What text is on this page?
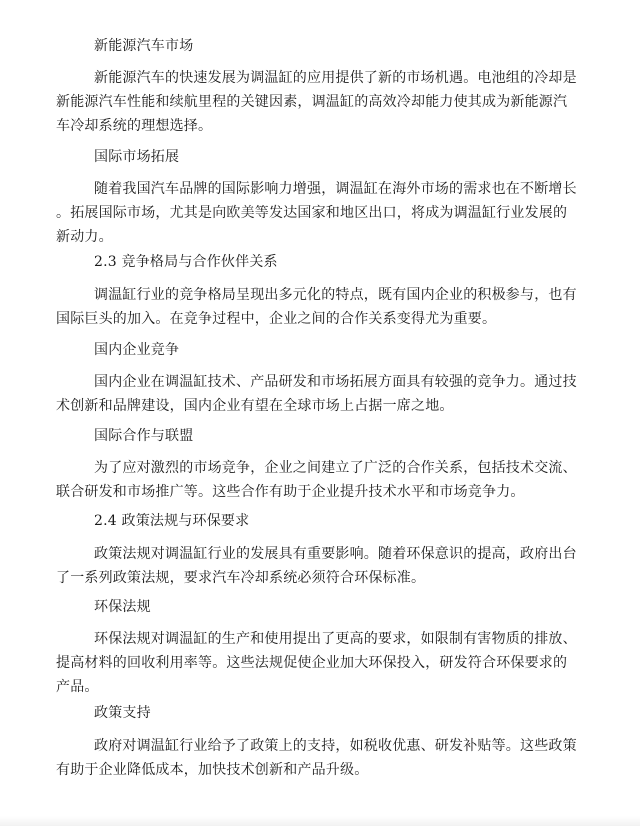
新能源汽车市场
新能源汽车的快速发展为调温缸的应用提供了新的市场机遇。电池组的冷却是
新能源汽车性能和续航里程的关键因素，调温缸的高效冷却能力使其成为新能源汽
车冷却系统的理想选择。
国际市场拓展
随着我国汽车品牌的国际影响力增强，调温缸在海外市场的需求也在不断增长
。拓展国际市场，尤其是向欧美等发达国家和地区出口，将成为调温缸行业发展的
新动力。
2.3 竞争格局与合作伙伴关系
调温缸行业的竞争格局呈现出多元化的特点，既有国内企业的积极参与，也有
国际巨头的加入。在竞争过程中，企业之间的合作关系变得尤为重要。
国内企业竞争
国内企业在调温缸技术、产品研发和市场拓展方面具有较强的竞争力。通过技
术创新和品牌建设，国内企业有望在全球市场上占据一席之地。
国际合作与联盟
为了应对激烈的市场竞争，企业之间建立了广泛的合作关系，包括技术交流、
联合研发和市场推广等。这些合作有助于企业提升技术水平和市场竞争力。
2.4 政策法规与环保要求
政策法规对调温缸行业的发展具有重要影响。随着环保意识的提高，政府出台
了一系列政策法规，要求汽车冷却系统必须符合环保标准。
环保法规
环保法规对调温缸的生产和使用提出了更高的要求，如限制有害物质的排放、
提高材料的回收利用率等。这些法规促使企业加大环保投入，研发符合环保要求的
产品。
政策支持
政府对调温缸行业给予了政策上的支持，如税收优惠、研发补贴等。这些政策
有助于企业降低成本，加快技术创新和产品升级。
